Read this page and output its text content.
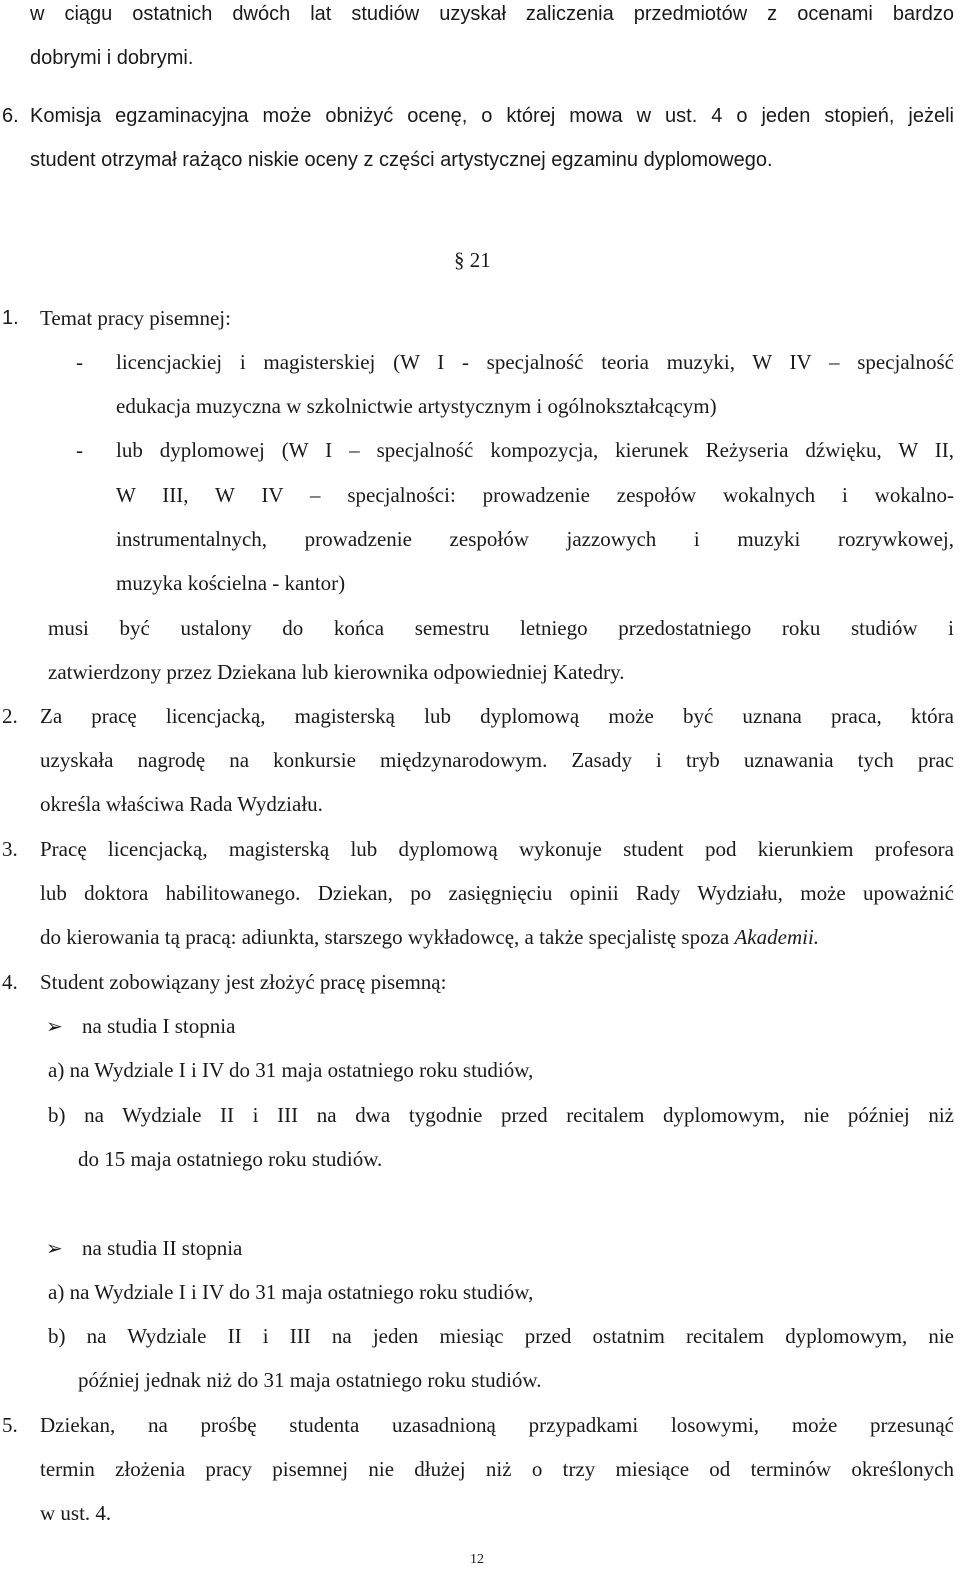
w ciągu ostatnich dwóch lat studiów uzyskał zaliczenia przedmiotów z ocenami bardzo
dobrymi i dobrymi.
6. Komisja egzaminacyjna może obniżyć ocenę, o której mowa w ust. 4 o jeden stopień, jeżeli
student otrzymał rażąco niskie oceny z części artystycznej egzaminu dyplomowego.
§ 21
1. Temat pracy pisemnej:
- licencjackiej i magisterskiej (W I - specjalność teoria muzyki, W IV – specjalność
edukacja muzyczna w szkolnictwie artystycznym i ogólnokształcącym)
- lub dyplomowej (W I – specjalność kompozycja, kierunek Reżyseria dźwięku, W II,
W III, W IV – specjalności: prowadzenie zespołów wokalnych i wokalno-
instrumentalnych, prowadzenie zespołów jazzowych i muzyki rozrywkowej,
muzyka kościelna - kantor)
musi być ustalony do końca semestru letniego przedostatniego roku studiów i
zatwierdzony przez Dziekana lub kierownika odpowiedniej Katedry.
2. Za pracę licencjacką, magisterską lub dyplomową może być uznana praca, która
uzyskała nagrodę na konkursie międzynarodowym. Zasady i tryb uznawania tych prac
określa właściwa Rada Wydziału.
3. Pracę licencjacką, magisterską lub dyplomową wykonuje student pod kierunkiem profesora
lub doktora habilitowanego. Dziekan, po zasięgnięciu opinii Rady Wydziału, może upoważnić
do kierowania tą pracą: adiunkta, starszego wykładowcę, a także specjalistę spoza Akademii.
4. Student zobowiązany jest złożyć pracę pisemną:
➢ na studia I stopnia
a) na Wydziale I i IV do 31 maja ostatniego roku studiów,
b) na Wydziale II i III na dwa tygodnie przed recitalem dyplomowym, nie później niż
do 15 maja ostatniego roku studiów.
➢ na studia II stopnia
a) na Wydziale I i IV do 31 maja ostatniego roku studiów,
b) na Wydziale II i III na jeden miesiąc przed ostatnim recitalem dyplomowym, nie
później jednak niż do 31 maja ostatniego roku studiów.
5. Dziekan, na prośbę studenta uzasadnioną przypadkami losowymi, może przesunąć
termin złożenia pracy pisemnej nie dłużej niż o trzy miesiące od terminów określonych
w ust. 4.
12
